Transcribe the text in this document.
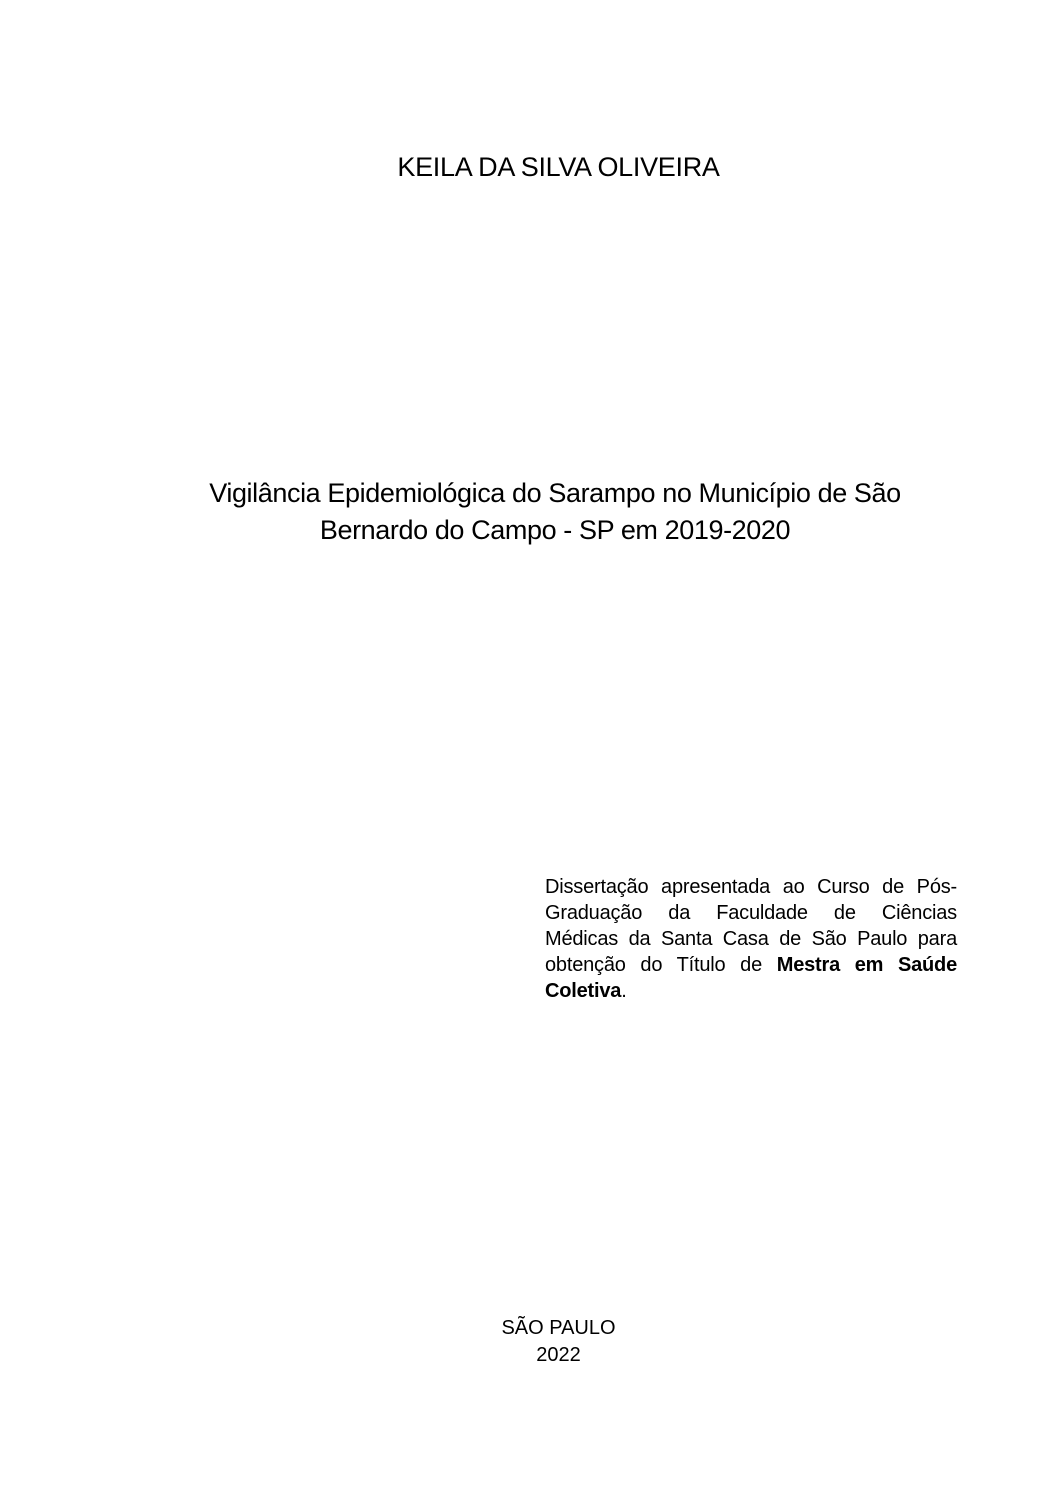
KEILA DA SILVA OLIVEIRA
Vigilância Epidemiológica do Sarampo no Município de São
Bernardo do Campo - SP em 2019-2020
Dissertação apresentada ao Curso de Pós-
Graduação da Faculdade de Ciências
Médicas da Santa Casa de São Paulo para
obtenção do Título de Mestra em Saúde
Coletiva.
SÃO PAULO
2022
